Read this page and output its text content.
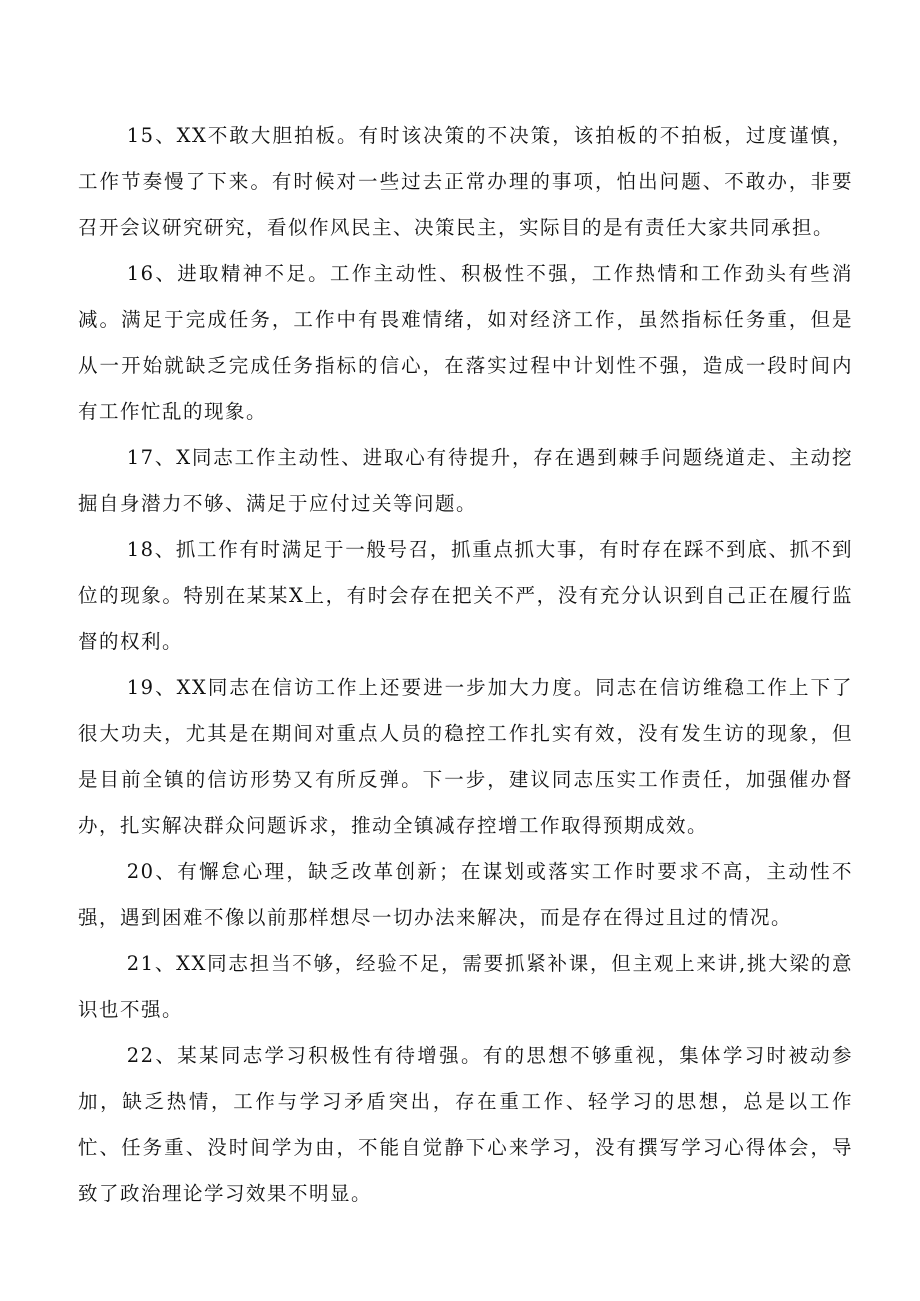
15、XX不敢大胆拍板。有时该决策的不决策，该拍板的不拍板，过度谨慎，工作节奏慢了下来。有时候对一些过去正常办理的事项，怕出问题、不敢办，非要召开会议研究研究，看似作风民主、决策民主，实际目的是有责任大家共同承担。

16、进取精神不足。工作主动性、积极性不强，工作热情和工作劲头有些消减。满足于完成任务，工作中有畏难情绪，如对经济工作，虽然指标任务重，但是从一开始就缺乏完成任务指标的信心，在落实过程中计划性不强，造成一段时间内有工作忙乱的现象。

17、X同志工作主动性、进取心有待提升，存在遇到棘手问题绕道走、主动挖掘自身潜力不够、满足于应付过关等问题。

18、抓工作有时满足于一般号召，抓重点抓大事，有时存在踩不到底、抓不到位的现象。特别在某某X上，有时会存在把关不严，没有充分认识到自己正在履行监督的权利。

19、XX同志在信访工作上还要进一步加大力度。同志在信访维稳工作上下了很大功夫，尤其是在期间对重点人员的稳控工作扎实有效，没有发生访的现象，但是目前全镇的信访形势又有所反弹。下一步，建议同志压实工作责任，加强催办督办，扎实解决群众问题诉求，推动全镇减存控增工作取得预期成效。

20、有懈怠心理，缺乏改革创新；在谋划或落实工作时要求不高，主动性不强，遇到困难不像以前那样想尽一切办法来解决，而是存在得过且过的情况。

21、XX同志担当不够，经验不足，需要抓紧补课，但主观上来讲,挑大梁的意识也不强。

22、某某同志学习积极性有待增强。有的思想不够重视，集体学习时被动参加，缺乏热情，工作与学习矛盾突出，存在重工作、轻学习的思想，总是以工作忙、任务重、没时间学为由，不能自觉静下心来学习，没有撰写学习心得体会，导致了政治理论学习效果不明显。
